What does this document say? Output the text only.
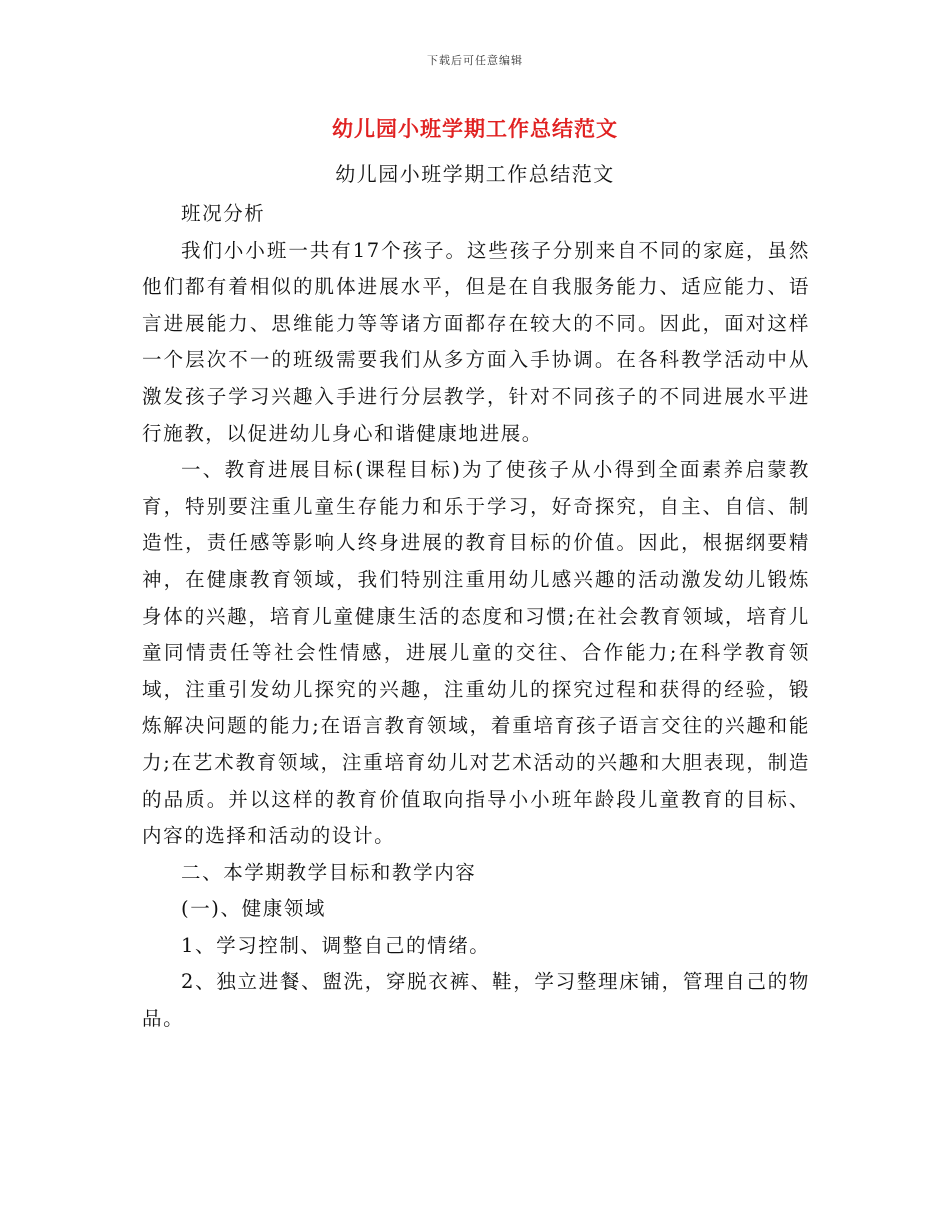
下载后可任意编辑
幼儿园小班学期工作总结范文
幼儿园小班学期工作总结范文

班况分析

我们小小班一共有17个孩子。这些孩子分别来自不同的家庭，虽然他们都有着相似的肌体进展水平，但是在自我服务能力、适应能力、语言进展能力、思维能力等等诸方面都存在较大的不同。因此，面对这样一个层次不一的班级需要我们从多方面入手协调。在各科教学活动中从激发孩子学习兴趣入手进行分层教学，针对不同孩子的不同进展水平进行施教，以促进幼儿身心和谐健康地进展。

一、教育进展目标(课程目标)为了使孩子从小得到全面素养启蒙教育，特别要注重儿童生存能力和乐于学习，好奇探究，自主、自信、制造性，责任感等影响人终身进展的教育目标的价值。因此，根据纲要精神，在健康教育领域，我们特别注重用幼儿感兴趣的活动激发幼儿锻炼身体的兴趣，培育儿童健康生活的态度和习惯;在社会教育领域，培育儿童同情责任等社会性情感，进展儿童的交往、合作能力;在科学教育领域，注重引发幼儿探究的兴趣，注重幼儿的探究过程和获得的经验，锻炼解决问题的能力;在语言教育领域，着重培育孩子语言交往的兴趣和能力;在艺术教育领域，注重培育幼儿对艺术活动的兴趣和大胆表现，制造的品质。并以这样的教育价值取向指导小小班年龄段儿童教育的目标、内容的选择和活动的设计。

二、本学期教学目标和教学内容

(一)、健康领域

1、学习控制、调整自己的情绪。

2、独立进餐、盥洗，穿脱衣裤、鞋，学习整理床铺，管理自己的物品。
